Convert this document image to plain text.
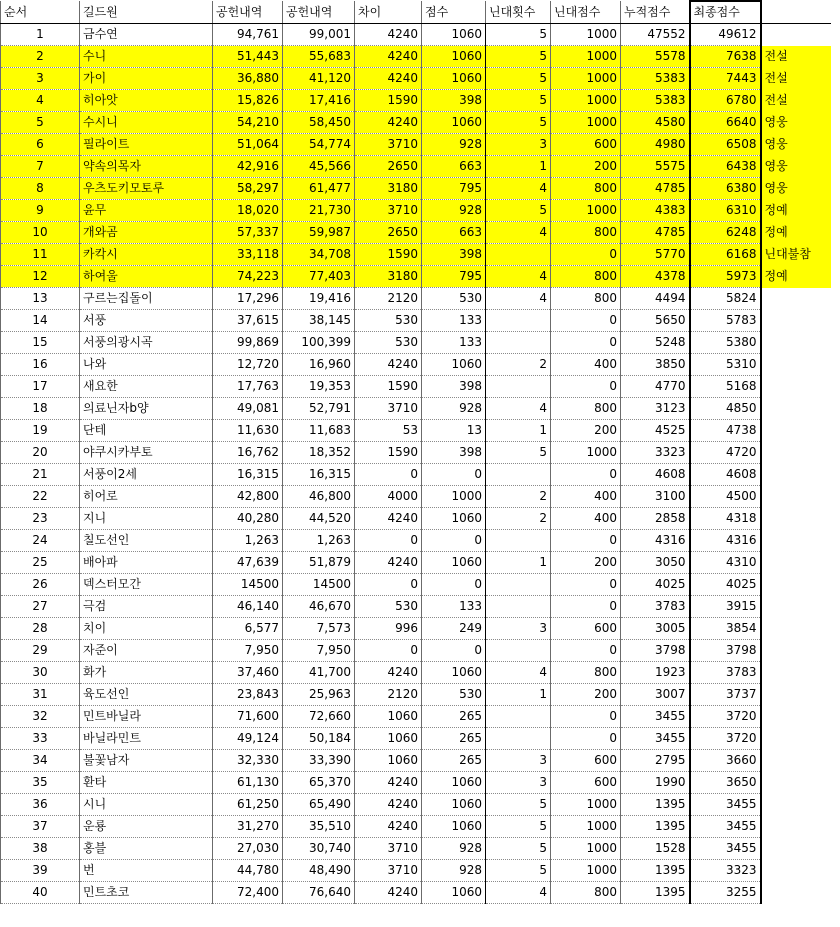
순서	길드원	공헌내역	공헌내역	차이	점수	닌대횟수	닌대점수	누적점수	최종점수	
1	금수연	94,761	99,001	4240	1060	5	1000	47552	49612	
2	수니	51,443	55,683	4240	1060	5	1000	5578	7638	전설
3	가이	36,880	41,120	4240	1060	5	1000	5383	7443	전설
4	히아앗	15,826	17,416	1590	398	5	1000	5383	6780	전설
5	수시니	54,210	58,450	4240	1060	5	1000	4580	6640	영웅
6	필라이트	51,064	54,774	3710	928	3	600	4980	6508	영웅
7	약속의목자	42,916	45,566	2650	663	1	200	5575	6438	영웅
8	우츠도키모토루	58,297	61,477	3180	795	4	800	4785	6380	영웅
9	윤무	18,020	21,730	3710	928	5	1000	4383	6310	정예
10	개와곰	57,337	59,987	2650	663	4	800	4785	6248	정예
11	카칵시	33,118	34,708	1590	398		0	5770	6168	닌대불참
12	하여울	74,223	77,403	3180	795	4	800	4378	5973	정예
13	구르는집돌이	17,296	19,416	2120	530	4	800	4494	5824	
14	서풍	37,615	38,145	530	133		0	5650	5783	
15	서풍의광시곡	99,869	100,399	530	133		0	5248	5380	
16	나와	12,720	16,960	4240	1060	2	400	3850	5310	
17	새요한	17,763	19,353	1590	398		0	4770	5168	
18	의료닌자b양	49,081	52,791	3710	928	4	800	3123	4850	
19	단테	11,630	11,683	53	13	1	200	4525	4738	
20	야쿠시카부토	16,762	18,352	1590	398	5	1000	3323	4720	
21	서풍이2세	16,315	16,315	0	0		0	4608	4608	
22	히어로	42,800	46,800	4000	1000	2	400	3100	4500	
23	지니	40,280	44,520	4240	1060	2	400	2858	4318	
24	칠도선인	1,263	1,263	0	0		0	4316	4316	
25	배아파	47,639	51,879	4240	1060	1	200	3050	4310	
26	덱스터모간	14500	14500	0	0		0	4025	4025	
27	극검	46,140	46,670	530	133		0	3783	3915	
28	치이	6,577	7,573	996	249	3	600	3005	3854	
29	자준이	7,950	7,950	0	0		0	3798	3798	
30	화가	37,460	41,700	4240	1060	4	800	1923	3783	
31	육도선인	23,843	25,963	2120	530	1	200	3007	3737	
32	민트바닐라	71,600	72,660	1060	265		0	3455	3720	
33	바닐라민트	49,124	50,184	1060	265		0	3455	3720	
34	불꽃남자	32,330	33,390	1060	265	3	600	2795	3660	
35	환타	61,130	65,370	4240	1060	3	600	1990	3650	
36	시니	61,250	65,490	4240	1060	5	1000	1395	3455	
37	운룡	31,270	35,510	4240	1060	5	1000	1395	3455	
38	홍블	27,030	30,740	3710	928	5	1000	1528	3455	
39	번	44,780	48,490	3710	928	5	1000	1395	3323	
40	민트초코	72,400	76,640	4240	1060	4	800	1395	3255	
